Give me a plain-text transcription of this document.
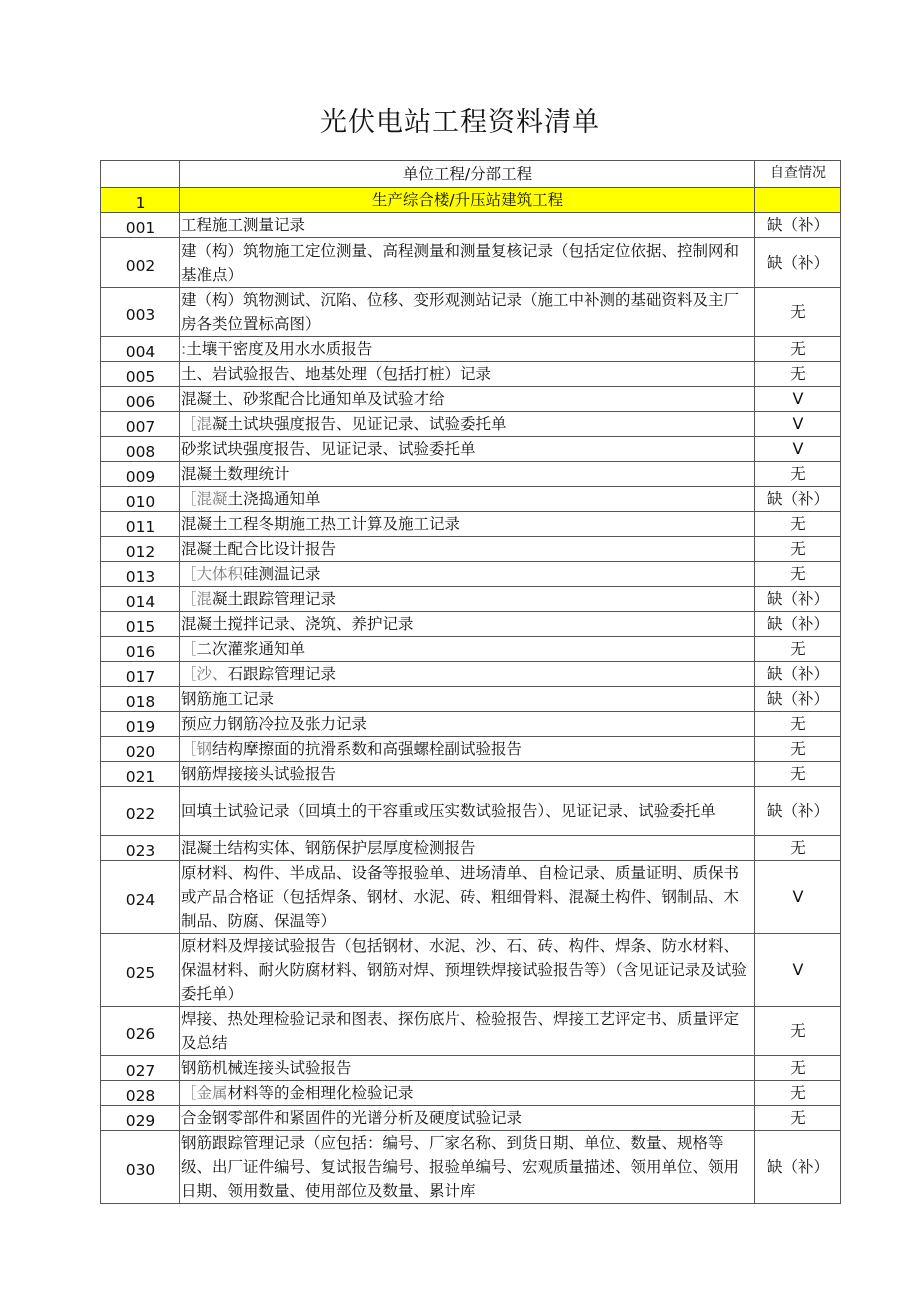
光伏电站工程资料清单
	单位工程/分部工程	自查情况
1	生产综合楼/升压站建筑工程	
001	工程施工测量记录	缺（补）
002	建（构）筑物施工定位测量、高程测量和测量复核记录（包括定位依据、控制网和基准点）	缺（补）
003	建（构）筑物测试、沉陷、位移、变形观测站记录（施工中补测的基础资料及主厂房各类位置标高图）	无
004	:土壤干密度及用水水质报告	无
005	土、岩试验报告、地基处理（包括打桩）记录	无
006	混凝土、砂浆配合比通知单及试验才给	V
007	［混凝土试块强度报告、见证记录、试验委托单	V
008	砂浆试块强度报告、见证记录、试验委托单	V
009	混凝土数理统计	无
010	［混凝土浇捣通知单	缺（补）
011	混凝土工程冬期施工热工计算及施工记录	无
012	混凝土配合比设计报告	无
013	［大体积硅测温记录	无
014	［混凝土跟踪管理记录	缺（补）
015	混凝土搅拌记录、浇筑、养护记录	缺（补）
016	［二次灌浆通知单	无
017	［沙、石跟踪管理记录	缺（补）
018	钢筋施工记录	缺（补）
019	预应力钢筋冷拉及张力记录	无
020	［钢结构摩擦面的抗滑系数和高强螺栓副试验报告	无
021	钢筋焊接接头试验报告	无
022	回填土试验记录（回填土的干容重或压实数试验报告）、见证记录、试验委托单	缺（补）
023	混凝土结构实体、钢筋保护层厚度检测报告	无
024	原材料、构件、半成品、设备等报验单、进场清单、自检记录、质量证明、质保书或产品合格证（包括焊条、钢材、水泥、砖、粗细骨料、混凝土构件、钢制品、木制品、防腐、保温等）	V
025	原材料及焊接试验报告（包括钢材、水泥、沙、石、砖、构件、焊条、防水材料、保温材料、耐火防腐材料、钢筋对焊、预埋铁焊接试验报告等）（含见证记录及试验委托单）	V
026	焊接、热处理检验记录和图表、探伤底片、检验报告、焊接工艺评定书、质量评定及总结	无
027	钢筋机械连接头试验报告	无
028	［金属材料等的金相理化检验记录	无
029	合金钢零部件和紧固件的光谱分析及硬度试验记录	无
030	钢筋跟踪管理记录（应包括：编号、厂家名称、到货日期、单位、数量、规格等级、出厂证件编号、复试报告编号、报验单编号、宏观质量描述、领用单位、领用日期、领用数量、使用部位及数量、累计库	缺（补）
